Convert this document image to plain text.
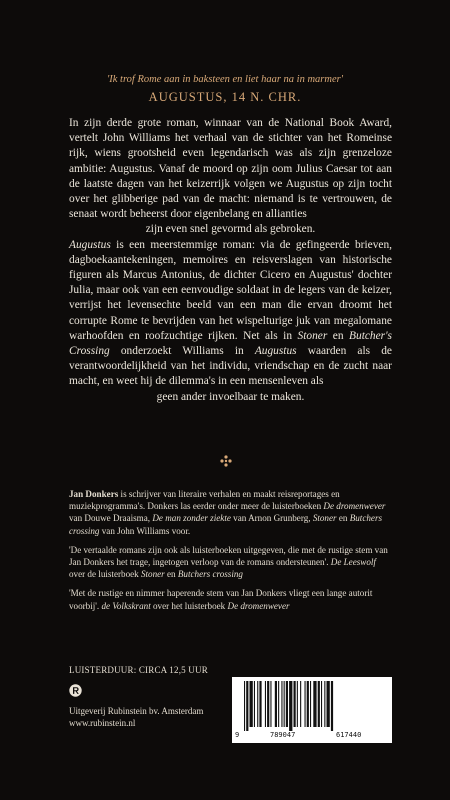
'Ik trof Rome aan in baksteen en liet haar na in marmer'
AUGUSTUS, 14 N. CHR.

In zijn derde grote roman, winnaar van de National Book Award, vertelt John Williams het verhaal van de stichter van het Romeinse rijk, wiens grootsheid even legendarisch was als zijn grenzeloze ambitie: Augustus. Vanaf de moord op zijn oom Julius Caesar tot aan de laatste dagen van het keizerrijk volgen we Augustus op zijn tocht over het glibberige pad van de macht: niemand is te vertrouwen, de senaat wordt beheerst door eigenbelang en allianties

zijn even snel gevormd als gebroken.

Augustus is een meerstemmige roman: via de gefingeerde brieven, dagboekaantekeningen, memoires en reisverslagen van historische figuren als Marcus Antonius, de dichter Cicero en Augustus' dochter Julia, maar ook van een eenvoudige soldaat in de legers van de keizer, verrijst het levensechte beeld van een man die ervan droomt het corrupte Rome te bevrijden van het wispelturige juk van megalomane warhoofden en roofzuchtige rijken. Net als in Stoner en Butcher's Crossing onderzoekt Williams in Augustus waarden als de verantwoordelijkheid van het individu, vriendschap en de zucht naar macht, en weet hij de dilemma's in een mensenleven als

geen ander invoelbaar te maken.

Jan Donkers is schrijver van literaire verhalen en maakt reisreportages en muziekprogramma's. Donkers las eerder onder meer de luisterboeken De dromenwever van Douwe Draaisma, De man zonder ziekte van Arnon Grunberg, Stoner en Butchers crossing van John Williams voor.

'De vertaalde romans zijn ook als luisterboeken uitgegeven, die met de rustige stem van Jan Donkers het trage, ingetogen verloop van de romans ondersteunen'. De Leeswolf over de luisterboek Stoner en Butchers crossing

'Met de rustige en nimmer haperende stem van Jan Donkers vliegt een lange autorit voorbij'. de Volkskrant over het luisterboek De dromenwever

LUISTERDUUR: CIRCA 12,5 UUR
Uitgeverij Rubinstein bv. Amsterdam
www.rubinstein.nl
9	789047	617440
